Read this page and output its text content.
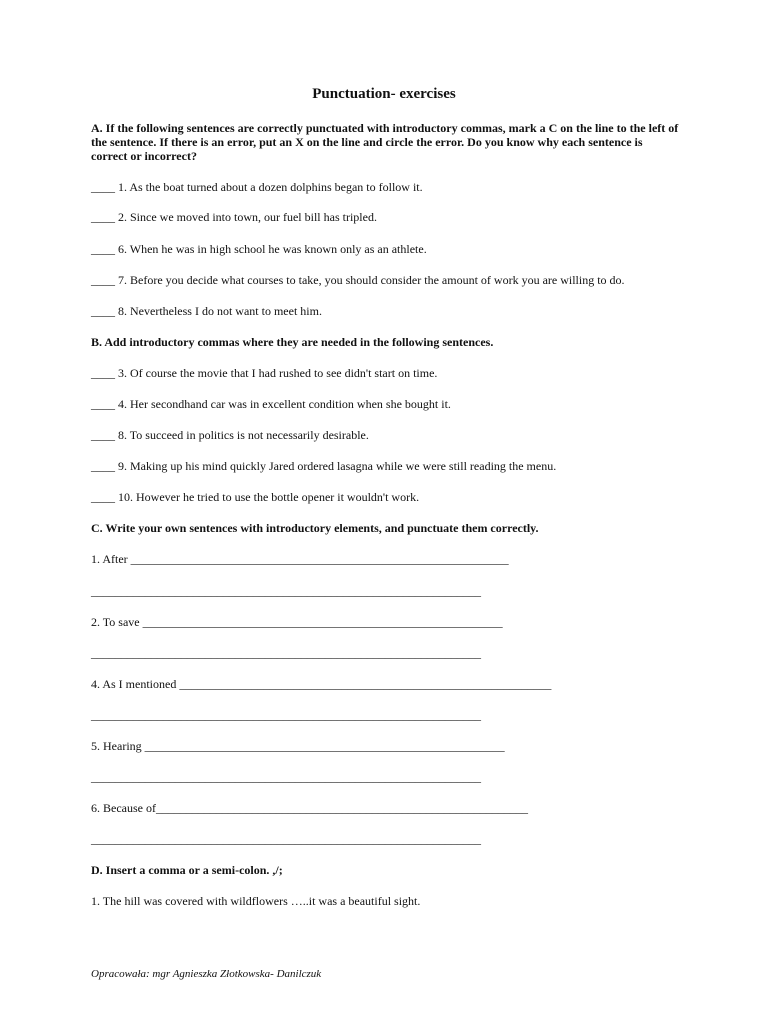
Punctuation- exercises
A. If the following sentences are correctly punctuated with introductory commas, mark a C on the line to the left of the sentence. If there is an error, put an X on the line and circle the error. Do you know why each sentence is correct or incorrect?
____ 1. As the boat turned about a dozen dolphins began to follow it.
____ 2. Since we moved into town, our fuel bill has tripled.
____ 6. When he was in high school he was known only as an athlete.
____ 7. Before you decide what courses to take, you should consider the amount of work you are willing to do.
____ 8. Nevertheless I do not want to meet him.
B. Add introductory commas where they are needed in the following sentences.
____ 3. Of course the movie that I had rushed to see didn't start on time.
____ 4. Her secondhand car was in excellent condition when she bought it.
____ 8. To succeed in politics is not necessarily desirable.
____ 9. Making up his mind quickly Jared ordered lasagna while we were still reading the menu.
____ 10. However he tried to use the bottle opener it wouldn't work.
C. Write your own sentences with introductory elements, and punctuate them correctly.
1. After _______________________________________________________________
_________________________________________________________________
2. To save ____________________________________________________________
_________________________________________________________________
4. As I mentioned ______________________________________________________________
_________________________________________________________________
5. Hearing ____________________________________________________________
_________________________________________________________________
6. Because of______________________________________________________________
_________________________________________________________________
D. Insert a comma or a semi-colon. ,/;
1. The hill was covered with wildflowers …..it was a beautiful sight.
Opracowała: mgr Agnieszka Złotkowska- Danilczuk
